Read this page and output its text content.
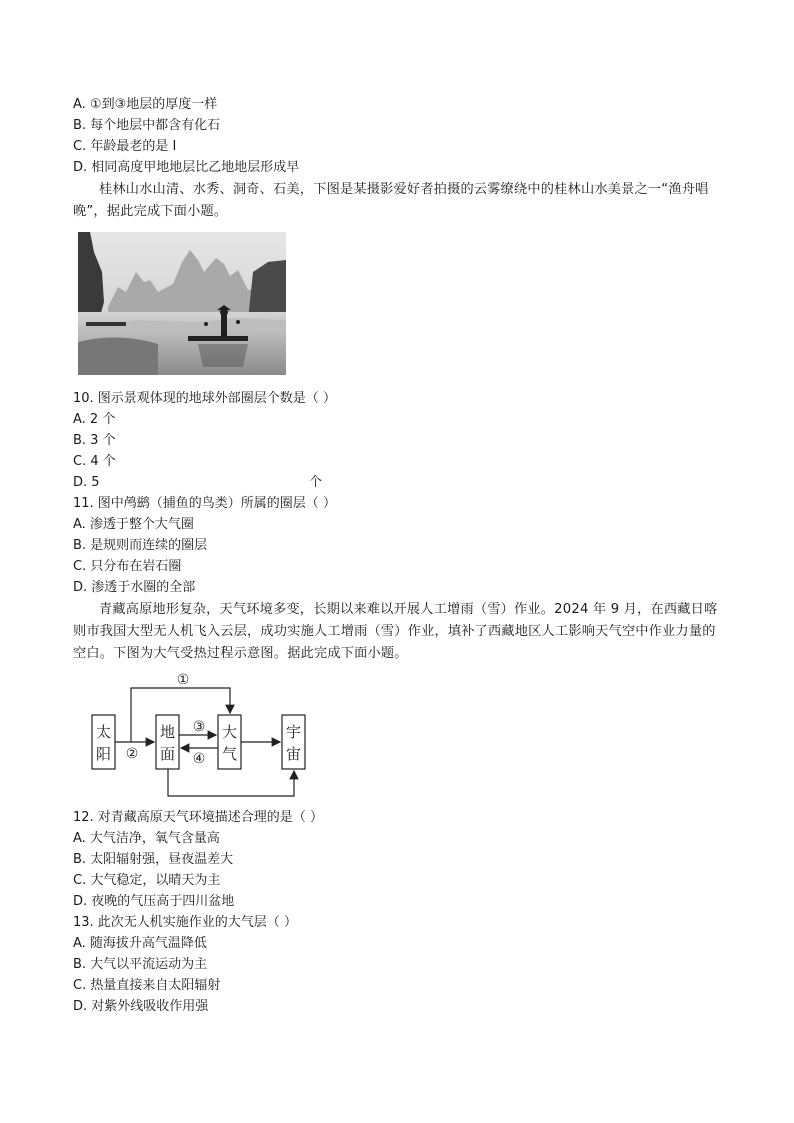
A. ①到③地层的厚度一样
B. 每个地层中都含有化石
C. 年龄最老的是 I
D. 相同高度甲地地层比乙地地层形成早
桂林山水山清、水秀、洞奇、石美，下图是某摄影爱好者拍摄的云雾缭绕中的桂林山水美景之一“渔舟唱晚”，据此完成下面小题。
10. 图示景观体现的地球外部圈层个数是（ ）
A. 2 个
B. 3 个
C. 4 个
D. 5	个
11. 图中鸬鹚（捕鱼的鸟类）所属的圈层（ ）
A. 渗透于整个大气圈
B. 是规则而连续的圈层
C. 只分布在岩石圈
D. 渗透于水圈的全部
青藏高原地形复杂，天气环境多变，长期以来难以开展人工增雨（雪）作业。2024 年 9 月，在西藏日喀则市我国大型无人机飞入云层，成功实施人工增雨（雪）作业，填补了西藏地区人工影响天气空中作业力量的空白。下图为大气受热过程示意图。据此完成下面小题。
太
阳
地
面
大
气
宇
宙
①
②
③
④
12. 对青藏高原天气环境描述合理的是（ ）
A. 大气洁净，氧气含量高
B. 太阳辐射强，昼夜温差大
C. 大气稳定，以晴天为主
D. 夜晚的气压高于四川盆地
13. 此次无人机实施作业的大气层（ ）
A. 随海拔升高气温降低
B. 大气以平流运动为主
C. 热量直接来自太阳辐射
D. 对紫外线吸收作用强
